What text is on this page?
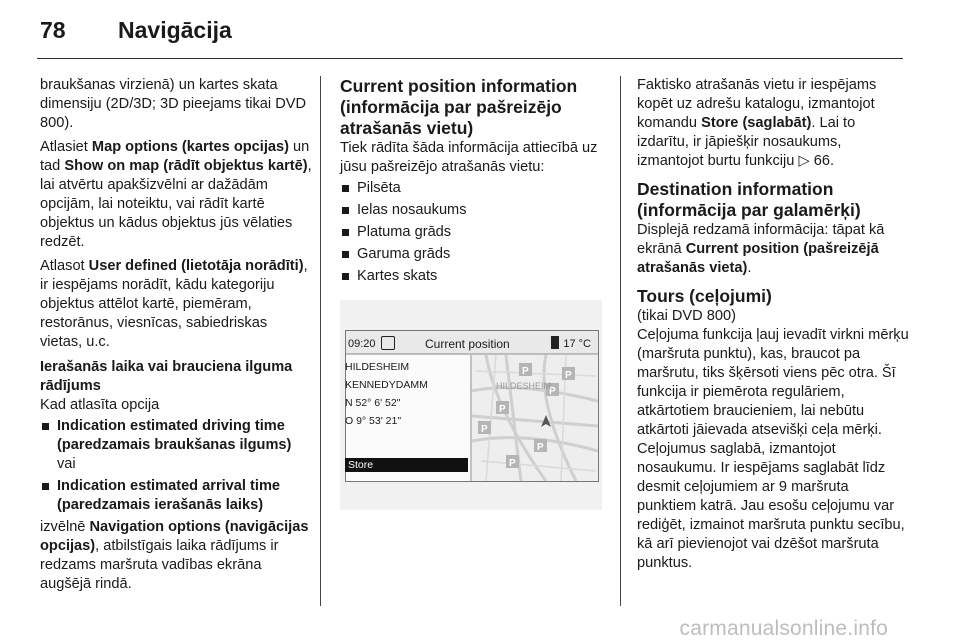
78 Navigācija

braukšanas virzienā) un kartes skata dimensiju (2D/3D; 3D pieejams tikai DVD 800).

Atlasiet Map options (kartes opcijas) un tad Show on map (rādīt objektus kartē), lai atvērtu apakšizvēlni ar dažādām opcijām, lai noteiktu, vai rādīt kartē objektus un kādus objektus jūs vēlaties redzēt.

Atlasot User defined (lietotāja norādīti), ir iespējams norādīt, kādu kategoriju objektus attēlot kartē, piemēram, restorānus, viesnīcas, sabiedriskas vietas, u.c.

Ierašanās laika vai brauciena ilguma rādījums

Kad atlasīta opcija

Indication estimated driving time (paredzamais braukšanas ilgums)
vai
Indication estimated arrival time (paredzamais ierašanās laiks)

izvēlnē Navigation options (navigācijas opcijas), atbilstīgais laika rādījums ir redzams maršruta vadības ekrāna augšējā rindā.

Current position information (informācija par pašreizējo atrašanās vietu)

Tiek rādīta šāda informācija attiecībā uz jūsu pašreizējo atrašanās vietu:

Pilsēta
Ielas nosaukums
Platuma grāds
Garuma grāds
Kartes skats
P	P
P
P
P
P
P
HILDESHEIM
09:20	Current position	17 °C
HILDESHEIM
KENNEDYDAMM
N 52° 6' 52"
O 9° 53' 21"
Store

Faktisko atrašanās vietu ir iespējams kopēt uz adrešu katalogu, izmantojot komandu Store (saglabāt). Lai to izdarītu, ir jāpiešķir nosaukums, izmantojot burtu funkciju ▷ 66.

Destination information (informācija par galamērķi)

Displejā redzamā informācija: tāpat kā ekrānā Current position (pašreizējā atrašanās vieta).

Tours (ceļojumi)

(tikai DVD 800)

Ceļojuma funkcija ļauj ievadīt virkni mērķu (maršruta punktu), kas, braucot pa maršrutu, tiks šķērsoti viens pēc otra. Šī funkcija ir piemērota regulāriem, atkārtotiem braucieniem, lai nebūtu atkārtoti jāievada atsevišķi ceļa mērķi. Ceļojumus saglabā, izmantojot nosaukumu. Ir iespējams saglabāt līdz desmit ceļojumiem ar 9 maršruta punktiem katrā. Jau esošu ceļojumu var rediģēt, izmainot maršruta punktu secību, kā arī pievienojot vai dzēšot maršruta punktus.

carmanualsonline.info
